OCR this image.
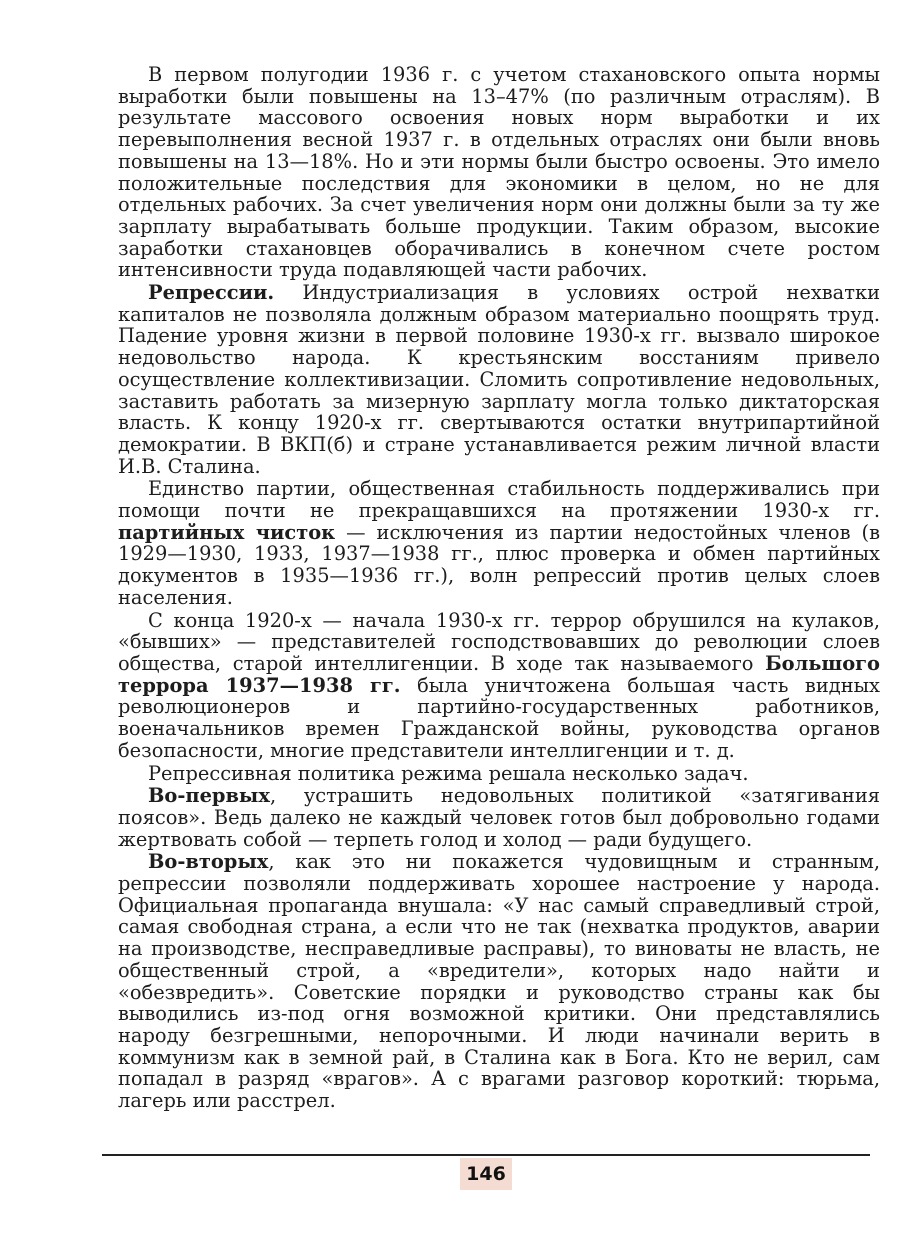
В первом полугодии 1936 г. с учетом стахановского опыта нормы выработки были повышены на 13–47% (по различным отраслям). В результате массового освоения новых норм выработки и их перевыполнения весной 1937 г. в отдельных отраслях они были вновь повышены на 13—18%. Но и эти нормы были быстро освоены. Это имело положительные последствия для экономики в целом, но не для отдельных рабочих. За счет увеличения норм они должны были за ту же зарплату вырабатывать больше продукции. Таким образом, высокие заработки стахановцев оборачивались в конечном счете ростом интенсивности труда подавляющей части рабочих.

Репрессии. Индустриализация в условиях острой нехватки капиталов не позволяла должным образом материально поощрять труд. Падение уровня жизни в первой половине 1930-х гг. вызвало широкое недовольство народа. К крестьянским восстаниям привело осуществление коллективизации. Сломить сопротивление недовольных, заставить работать за мизерную зарплату могла только диктаторская власть. К концу 1920-х гг. свертываются остатки внутрипартийной демократии. В ВКП(б) и стране устанавливается режим личной власти И.В. Сталина.

Единство партии, общественная стабильность поддерживались при помощи почти не прекращавшихся на протяжении 1930-х гг. партийных чисток — исключения из партии недостойных членов (в 1929—1930, 1933, 1937—1938 гг., плюс проверка и обмен партийных документов в 1935—1936 гг.), волн репрессий против целых слоев населения.

С конца 1920-х — начала 1930-х гг. террор обрушился на кулаков, «бывших» — представителей господствовавших до революции слоев общества, старой интеллигенции. В ходе так называемого Большого террора 1937—1938 гг. была уничтожена большая часть видных революционеров и партийно-государственных работников, военачальников времен Гражданской войны, руководства органов безопасности, многие представители интеллигенции и т. д.

Репрессивная политика режима решала несколько задач.

Во-первых, устрашить недовольных политикой «затягивания поясов». Ведь далеко не каждый человек готов был добровольно годами жертвовать собой — терпеть голод и холод — ради будущего.

Во-вторых, как это ни покажется чудовищным и странным, репрессии позволяли поддерживать хорошее настроение у народа. Официальная пропаганда внушала: «У нас самый справедливый строй, самая свободная страна, а если что не так (нехватка продуктов, аварии на производстве, несправедливые расправы), то виноваты не власть, не общественный строй, а «вредители», которых надо найти и «обезвредить». Советские порядки и руководство страны как бы выводились из-под огня возможной критики. Они представлялись народу безгрешными, непорочными. И люди начинали верить в коммунизм как в земной рай, в Сталина как в Бога. Кто не верил, сам попадал в разряд «врагов». А с врагами разговор короткий: тюрьма, лагерь или расстрел.

146
